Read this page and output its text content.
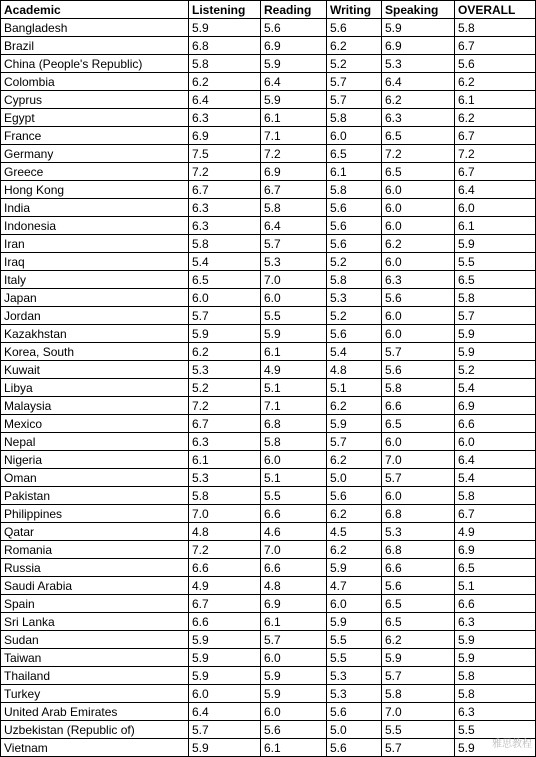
Academic	Listening	Reading	Writing	Speaking	OVERALL
Bangladesh	5.9	5.6	5.6	5.9	5.8
Brazil	6.8	6.9	6.2	6.9	6.7
China (People's Republic)	5.8	5.9	5.2	5.3	5.6
Colombia	6.2	6.4	5.7	6.4	6.2
Cyprus	6.4	5.9	5.7	6.2	6.1
Egypt	6.3	6.1	5.8	6.3	6.2
France	6.9	7.1	6.0	6.5	6.7
Germany	7.5	7.2	6.5	7.2	7.2
Greece	7.2	6.9	6.1	6.5	6.7
Hong Kong	6.7	6.7	5.8	6.0	6.4
India	6.3	5.8	5.6	6.0	6.0
Indonesia	6.3	6.4	5.6	6.0	6.1
Iran	5.8	5.7	5.6	6.2	5.9
Iraq	5.4	5.3	5.2	6.0	5.5
Italy	6.5	7.0	5.8	6.3	6.5
Japan	6.0	6.0	5.3	5.6	5.8
Jordan	5.7	5.5	5.2	6.0	5.7
Kazakhstan	5.9	5.9	5.6	6.0	5.9
Korea, South	6.2	6.1	5.4	5.7	5.9
Kuwait	5.3	4.9	4.8	5.6	5.2
Libya	5.2	5.1	5.1	5.8	5.4
Malaysia	7.2	7.1	6.2	6.6	6.9
Mexico	6.7	6.8	5.9	6.5	6.6
Nepal	6.3	5.8	5.7	6.0	6.0
Nigeria	6.1	6.0	6.2	7.0	6.4
Oman	5.3	5.1	5.0	5.7	5.4
Pakistan	5.8	5.5	5.6	6.0	5.8
Philippines	7.0	6.6	6.2	6.8	6.7
Qatar	4.8	4.6	4.5	5.3	4.9
Romania	7.2	7.0	6.2	6.8	6.9
Russia	6.6	6.6	5.9	6.6	6.5
Saudi Arabia	4.9	4.8	4.7	5.6	5.1
Spain	6.7	6.9	6.0	6.5	6.6
Sri Lanka	6.6	6.1	5.9	6.5	6.3
Sudan	5.9	5.7	5.5	6.2	5.9
Taiwan	5.9	6.0	5.5	5.9	5.9
Thailand	5.9	5.9	5.3	5.7	5.8
Turkey	6.0	5.9	5.3	5.8	5.8
United Arab Emirates	6.4	6.0	5.6	7.0	6.3
Uzbekistan (Republic of)	5.7	5.6	5.0	5.5	5.5
Vietnam	5.9	6.1	5.6	5.7	5.9 雅思教程
